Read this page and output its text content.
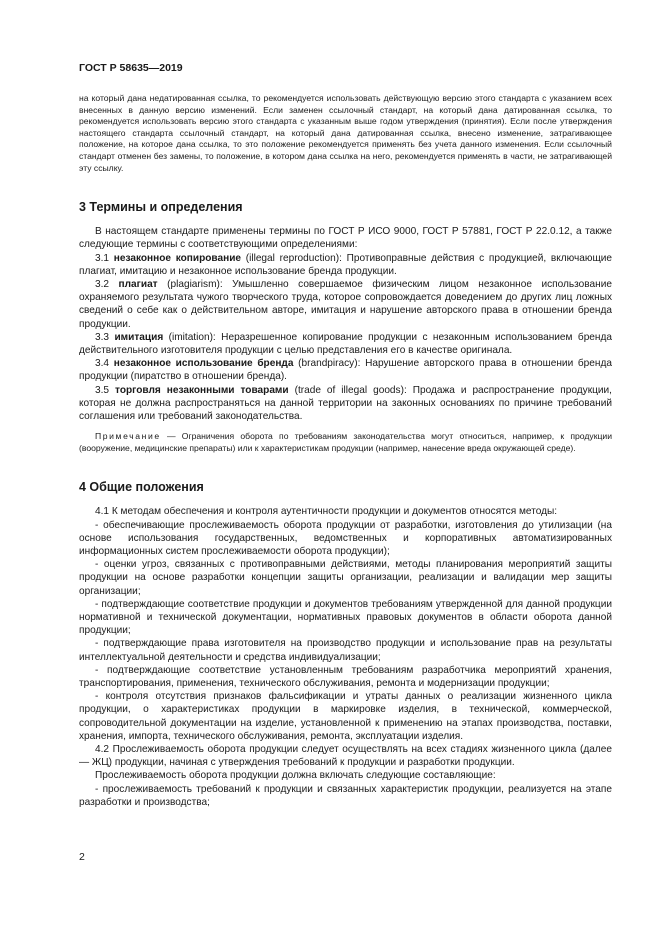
ГОСТ Р 58635—2019

на который дана недатированная ссылка, то рекомендуется использовать действующую версию этого стандарта с указанием всех внесенных в данную версию изменений. Если заменен ссылочный стандарт, на который дана датированная ссылка, то рекомендуется использовать версию этого стандарта с указанным выше годом утверждения (принятия). Если после утверждения настоящего стандарта ссылочный стандарт, на который дана датированная ссылка, внесено изменение, затрагивающее положение, на которое дана ссылка, то это положение рекомендуется применять без учета данного изменения. Если ссылочный стандарт отменен без замены, то положение, в котором дана ссылка на него, рекомендуется применять в части, не затрагивающей эту ссылку.

3 Термины и определения

В настоящем стандарте применены термины по ГОСТ Р ИСО 9000, ГОСТ Р 57881, ГОСТ Р 22.0.12, а также следующие термины с соответствующими определениями:

3.1 незаконное копирование (illegal reproduction): Противоправные действия с продукцией, включающие плагиат, имитацию и незаконное использование бренда продукции.

3.2 плагиат (plagiarism): Умышленно совершаемое физическим лицом незаконное использование охраняемого результата чужого творческого труда, которое сопровождается доведением до других лиц ложных сведений о себе как о действительном авторе, имитация и нарушение авторского права в отношении бренда продукции.

3.3 имитация (imitation): Неразрешенное копирование продукции с незаконным использованием бренда действительного изготовителя продукции с целью представления его в качестве оригинала.

3.4 незаконное использование бренда (brandpiracy): Нарушение авторского права в отношении бренда продукции (пиратство в отношении бренда).

3.5 торговля незаконными товарами (trade of illegal goods): Продажа и распространение продукции, которая не должна распространяться на данной территории на законных основаниях по причине требований соглашения или требований законодательства.

Примечание — Ограничения оборота по требованиям законодательства могут относиться, например, к продукции (вооружение, медицинские препараты) или к характеристикам продукции (например, нанесение вреда окружающей среде).

4 Общие положения

4.1 К методам обеспечения и контроля аутентичности продукции и документов относятся методы:

- обеспечивающие прослеживаемость оборота продукции от разработки, изготовления до утилизации (на основе использования государственных, ведомственных и корпоративных автоматизированных информационных систем прослеживаемости оборота продукции);

- оценки угроз, связанных с противоправными действиями, методы планирования мероприятий защиты продукции на основе разработки концепции защиты организации, реализации и валидации мер защиты организации;

- подтверждающие соответствие продукции и документов требованиям утвержденной для данной продукции нормативной и технической документации, нормативных правовых документов в области оборота данной продукции;

- подтверждающие права изготовителя на производство продукции и использование прав на результаты интеллектуальной деятельности и средства индивидуализации;

- подтверждающие соответствие установленным требованиям разработчика мероприятий хранения, транспортирования, применения, технического обслуживания, ремонта и модернизации продукции;

- контроля отсутствия признаков фальсификации и утраты данных о реализации жизненного цикла продукции, о характеристиках продукции в маркировке изделия, в технической, коммерческой, сопроводительной документации на изделие, установленной к применению на этапах производства, поставки, хранения, импорта, технического обслуживания, ремонта, эксплуатации изделия.

4.2 Прослеживаемость оборота продукции следует осуществлять на всех стадиях жизненного цикла (далее — ЖЦ) продукции, начиная с утверждения требований к продукции и разработки продукции.

Прослеживаемость оборота продукции должна включать следующие составляющие:

- прослеживаемость требований к продукции и связанных характеристик продукции, реализуется на этапе разработки и производства;

2
